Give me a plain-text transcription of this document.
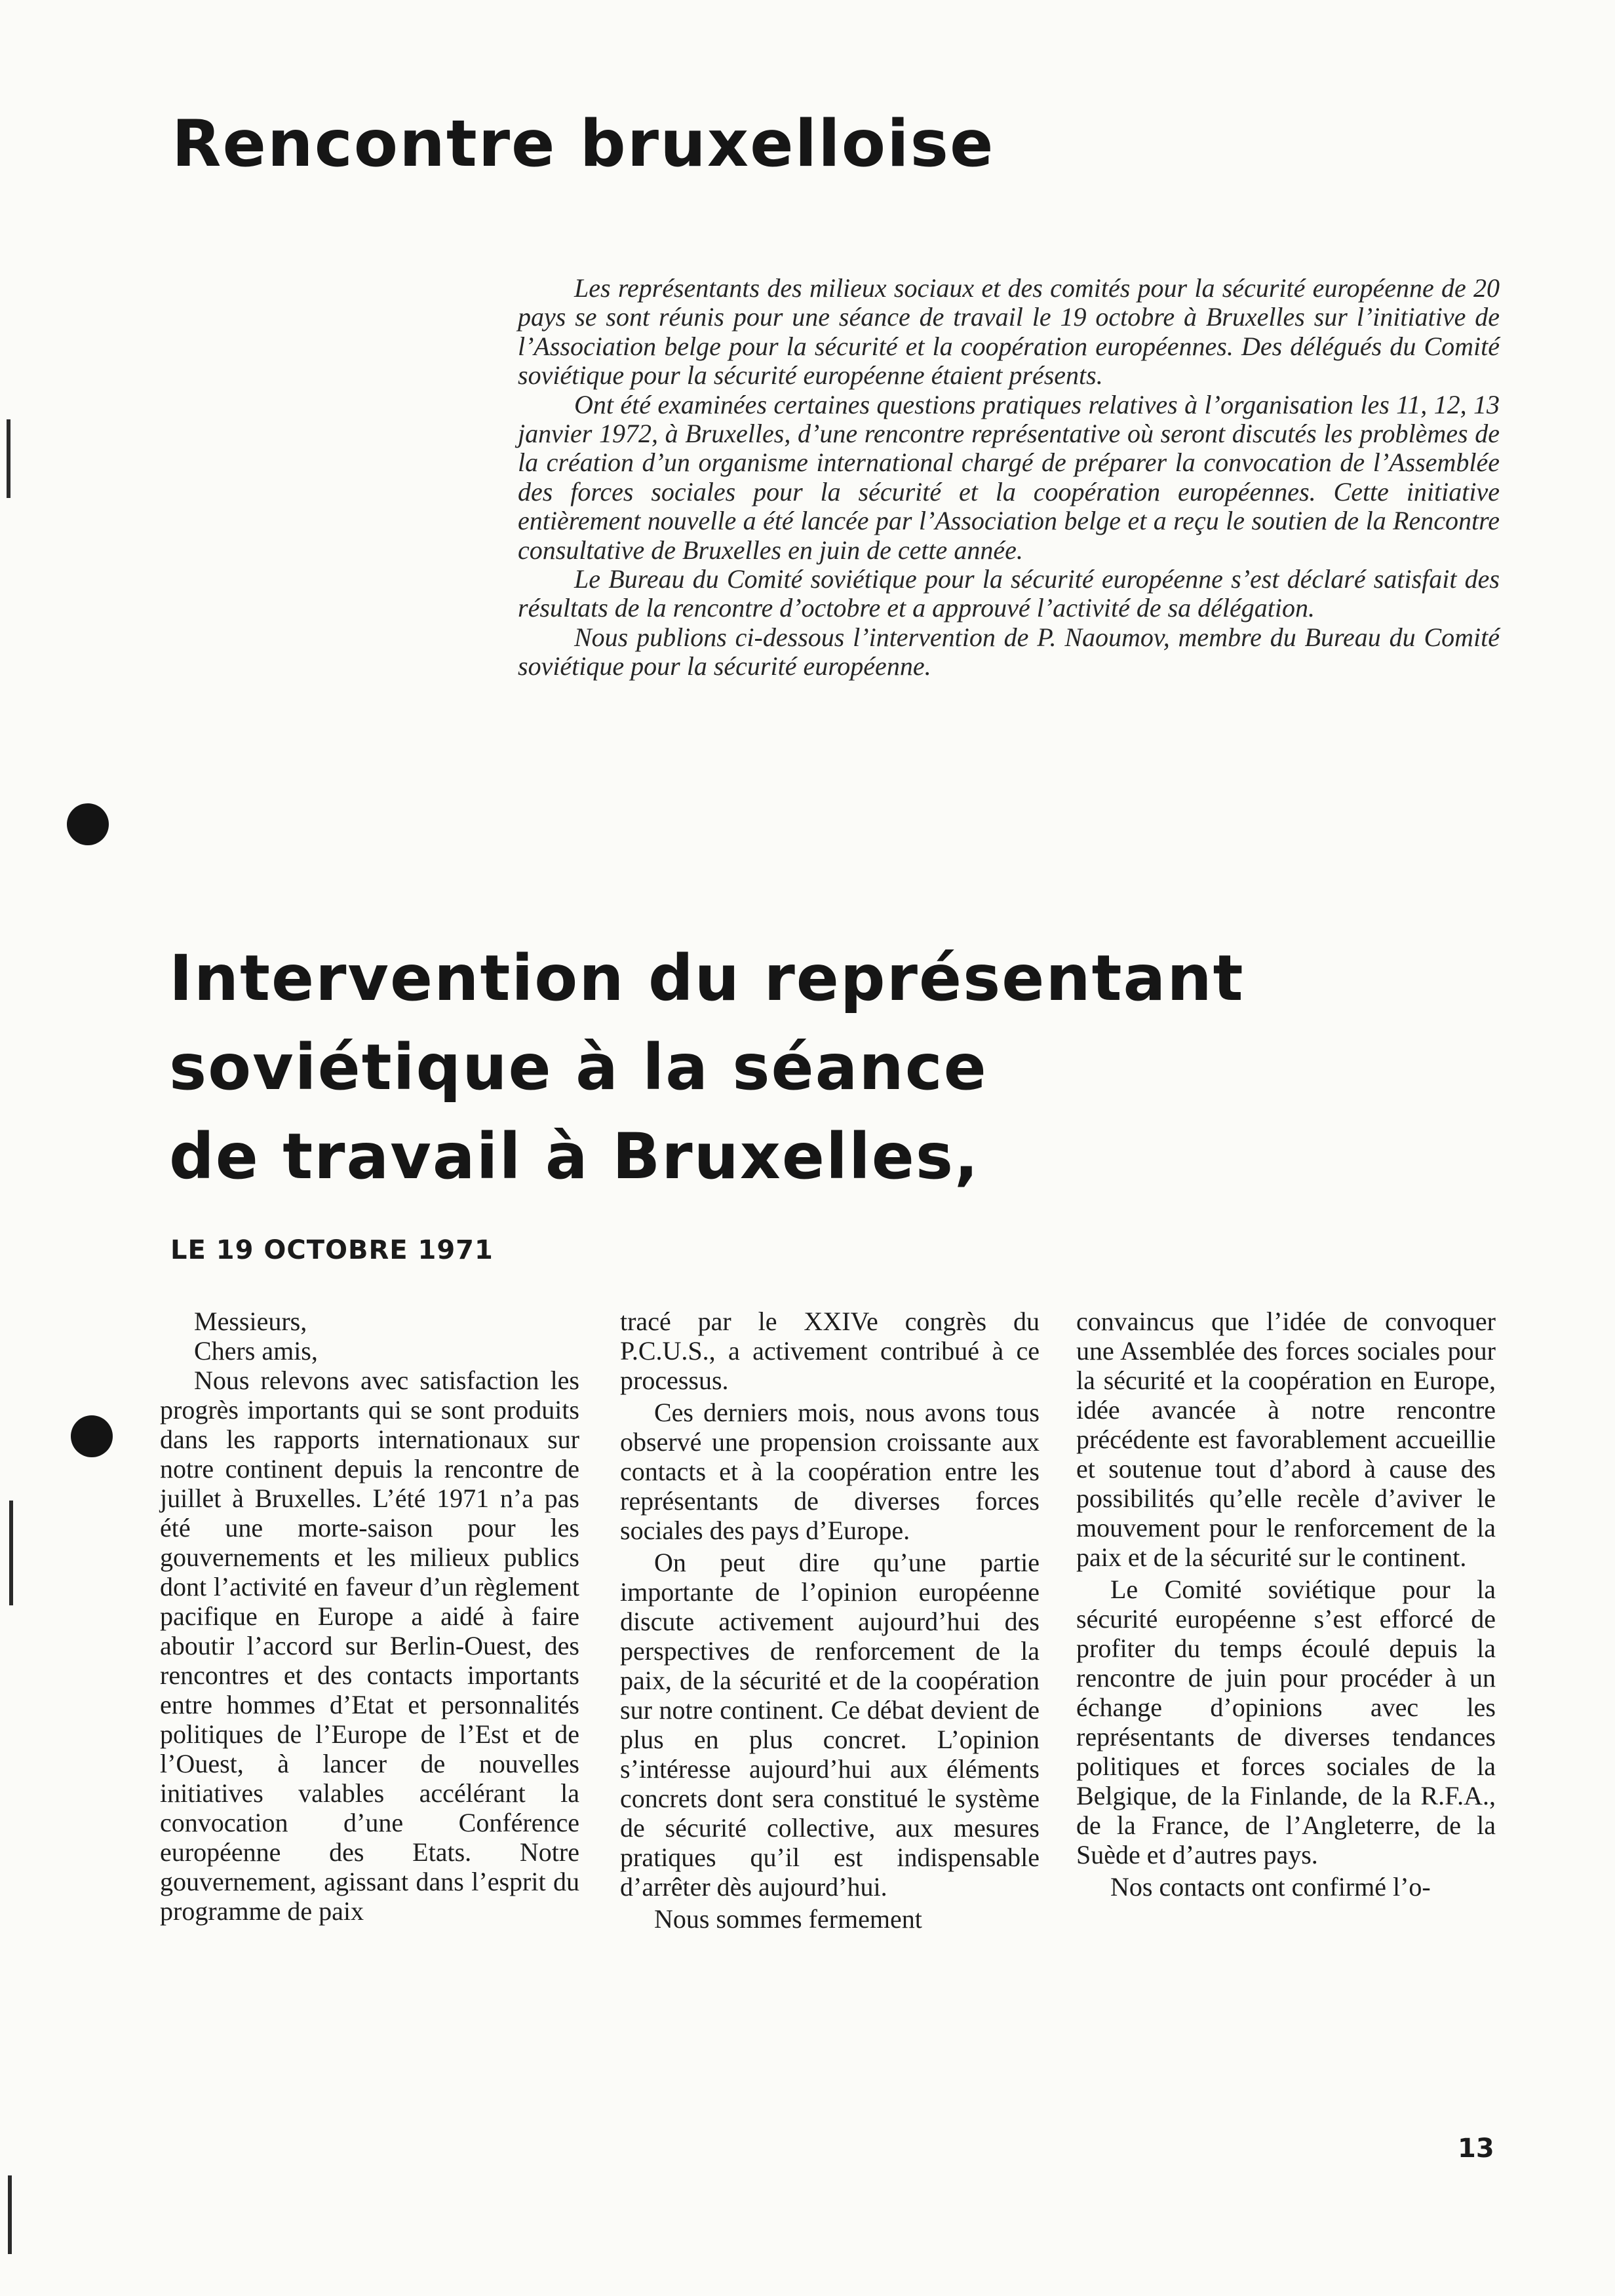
Rencontre bruxelloise

Les représentants des milieux sociaux et des comités pour la sécurité européenne de 20 pays se sont réunis pour une séance de travail le 19 octobre à Bruxelles sur l’initiative de l’Association belge pour la sécurité et la coopération européennes. Des délégués du Comité soviétique pour la sécurité européenne étaient présents.

Ont été examinées certaines questions pratiques relatives à l’organisation les 11, 12, 13 janvier 1972, à Bruxelles, d’une rencontre représentative où seront discutés les problèmes de la création d’un organisme international chargé de préparer la convocation de l’Assemblée des forces sociales pour la sécurité et la coopération européennes. Cette initiative entièrement nouvelle a été lancée par l’Association belge et a reçu le soutien de la Rencontre consultative de Bruxelles en juin de cette année.

Le Bureau du Comité soviétique pour la sécurité européenne s’est déclaré satisfait des résultats de la rencontre d’octobre et a approuvé l’activité de sa délégation.

Nous publions ci-dessous l’intervention de P. Naoumov, membre du Bureau du Comité soviétique pour la sécurité européenne.

Intervention du représentant
soviétique à la séance
de travail à Bruxelles,

LE 19 OCTOBRE 1971

Messieurs,

Chers amis,

Nous relevons avec satisfaction les progrès importants qui se sont produits dans les rapports internationaux sur notre continent depuis la rencontre de juillet à Bruxelles. L’été 1971 n’a pas été une morte-saison pour les gouvernements et les milieux publics dont l’activité en faveur d’un règlement pacifique en Europe a aidé à faire aboutir l’accord sur Berlin-Ouest, des rencontres et des contacts importants entre hommes d’Etat et personnalités politiques de l’Europe de l’Est et de l’Ouest, à lancer de nouvelles initiatives valables accélérant la convocation d’une Conférence européenne des Etats. Notre gouvernement, agissant dans l’esprit du programme de paix

tracé par le XXIVe congrès du P.C.U.S., a activement contribué à ce processus.

Ces derniers mois, nous avons tous observé une propension croissante aux contacts et à la coopération entre les représentants de diverses forces sociales des pays d’Europe.

On peut dire qu’une partie importante de l’opinion européenne discute activement aujourd’hui des perspectives de renforcement de la paix, de la sécurité et de la coopération sur notre continent. Ce débat devient de plus en plus concret. L’opinion s’intéresse aujourd’hui aux éléments concrets dont sera constitué le système de sécurité collective, aux mesures pratiques qu’il est indispensable d’arrêter dès aujourd’hui.

Nous sommes fermement

convaincus que l’idée de convoquer une Assemblée des forces sociales pour la sécurité et la coopération en Europe, idée avancée à notre rencontre précédente est favorablement accueillie et soutenue tout d’abord à cause des possibilités qu’elle recèle d’aviver le mouvement pour le renforcement de la paix et de la sécurité sur le continent.

Le Comité soviétique pour la sécurité européenne s’est efforcé de profiter du temps écoulé depuis la rencontre de juin pour procéder à un échange d’opinions avec les représentants de diverses tendances politiques et forces sociales de la Belgique, de la Finlande, de la R.F.A., de la France, de l’Angleterre, de la Suède et d’autres pays.

Nos contacts ont confirmé l’o-

13
